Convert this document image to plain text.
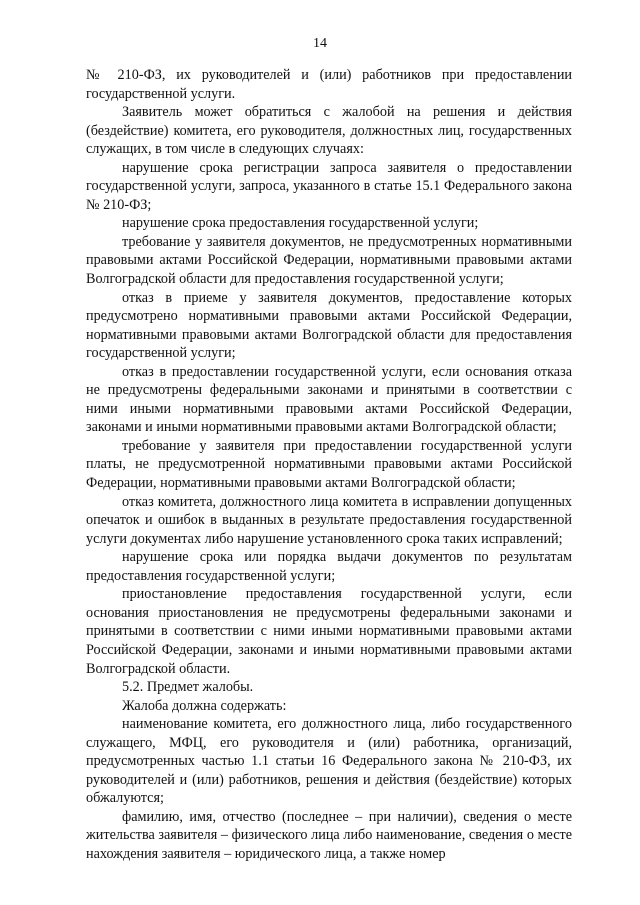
14

№ 210-ФЗ, их руководителей и (или) работников при предоставлении государственной услуги.

Заявитель может обратиться с жалобой на решения и действия (бездействие) комитета, его руководителя, должностных лиц, государственных служащих, в том числе в следующих случаях:

нарушение срока регистрации запроса заявителя о предоставлении государственной услуги, запроса, указанного в статье 15.1 Федерального закона № 210-ФЗ;

нарушение срока предоставления государственной услуги;

требование у заявителя документов, не предусмотренных нормативными правовыми актами Российской Федерации, нормативными правовыми актами Волгоградской области для предоставления государственной услуги;

отказ в приеме у заявителя документов, предоставление которых предусмотрено нормативными правовыми актами Российской Федерации, нормативными правовыми актами Волгоградской области для предоставления государственной услуги;

отказ в предоставлении государственной услуги, если основания отказа не предусмотрены федеральными законами и принятыми в соответствии с ними иными нормативными правовыми актами Российской Федерации, законами и иными нормативными правовыми актами Волгоградской области;

требование у заявителя при предоставлении государственной услуги платы, не предусмотренной нормативными правовыми актами Российской Федерации, нормативными правовыми актами Волгоградской области;

отказ комитета, должностного лица комитета в исправлении допущенных опечаток и ошибок в выданных в результате предоставления государственной услуги документах либо нарушение установленного срока таких исправлений;

нарушение срока или порядка выдачи документов по результатам предоставления государственной услуги;

приостановление предоставления государственной услуги, если основания приостановления не предусмотрены федеральными законами и принятыми в соответствии с ними иными нормативными правовыми актами Российской Федерации, законами и иными нормативными правовыми актами Волгоградской области.

5.2. Предмет жалобы.

Жалоба должна содержать:

наименование комитета, его должностного лица, либо государственного служащего, МФЦ, его руководителя и (или) работника, организаций, предусмотренных частью 1.1 статьи 16 Федерального закона № 210-ФЗ, их руководителей и (или) работников, решения и действия (бездействие) которых обжалуются;

фамилию, имя, отчество (последнее – при наличии), сведения о месте жительства заявителя – физического лица либо наименование, сведения о месте нахождения заявителя – юридического лица, а также номер
